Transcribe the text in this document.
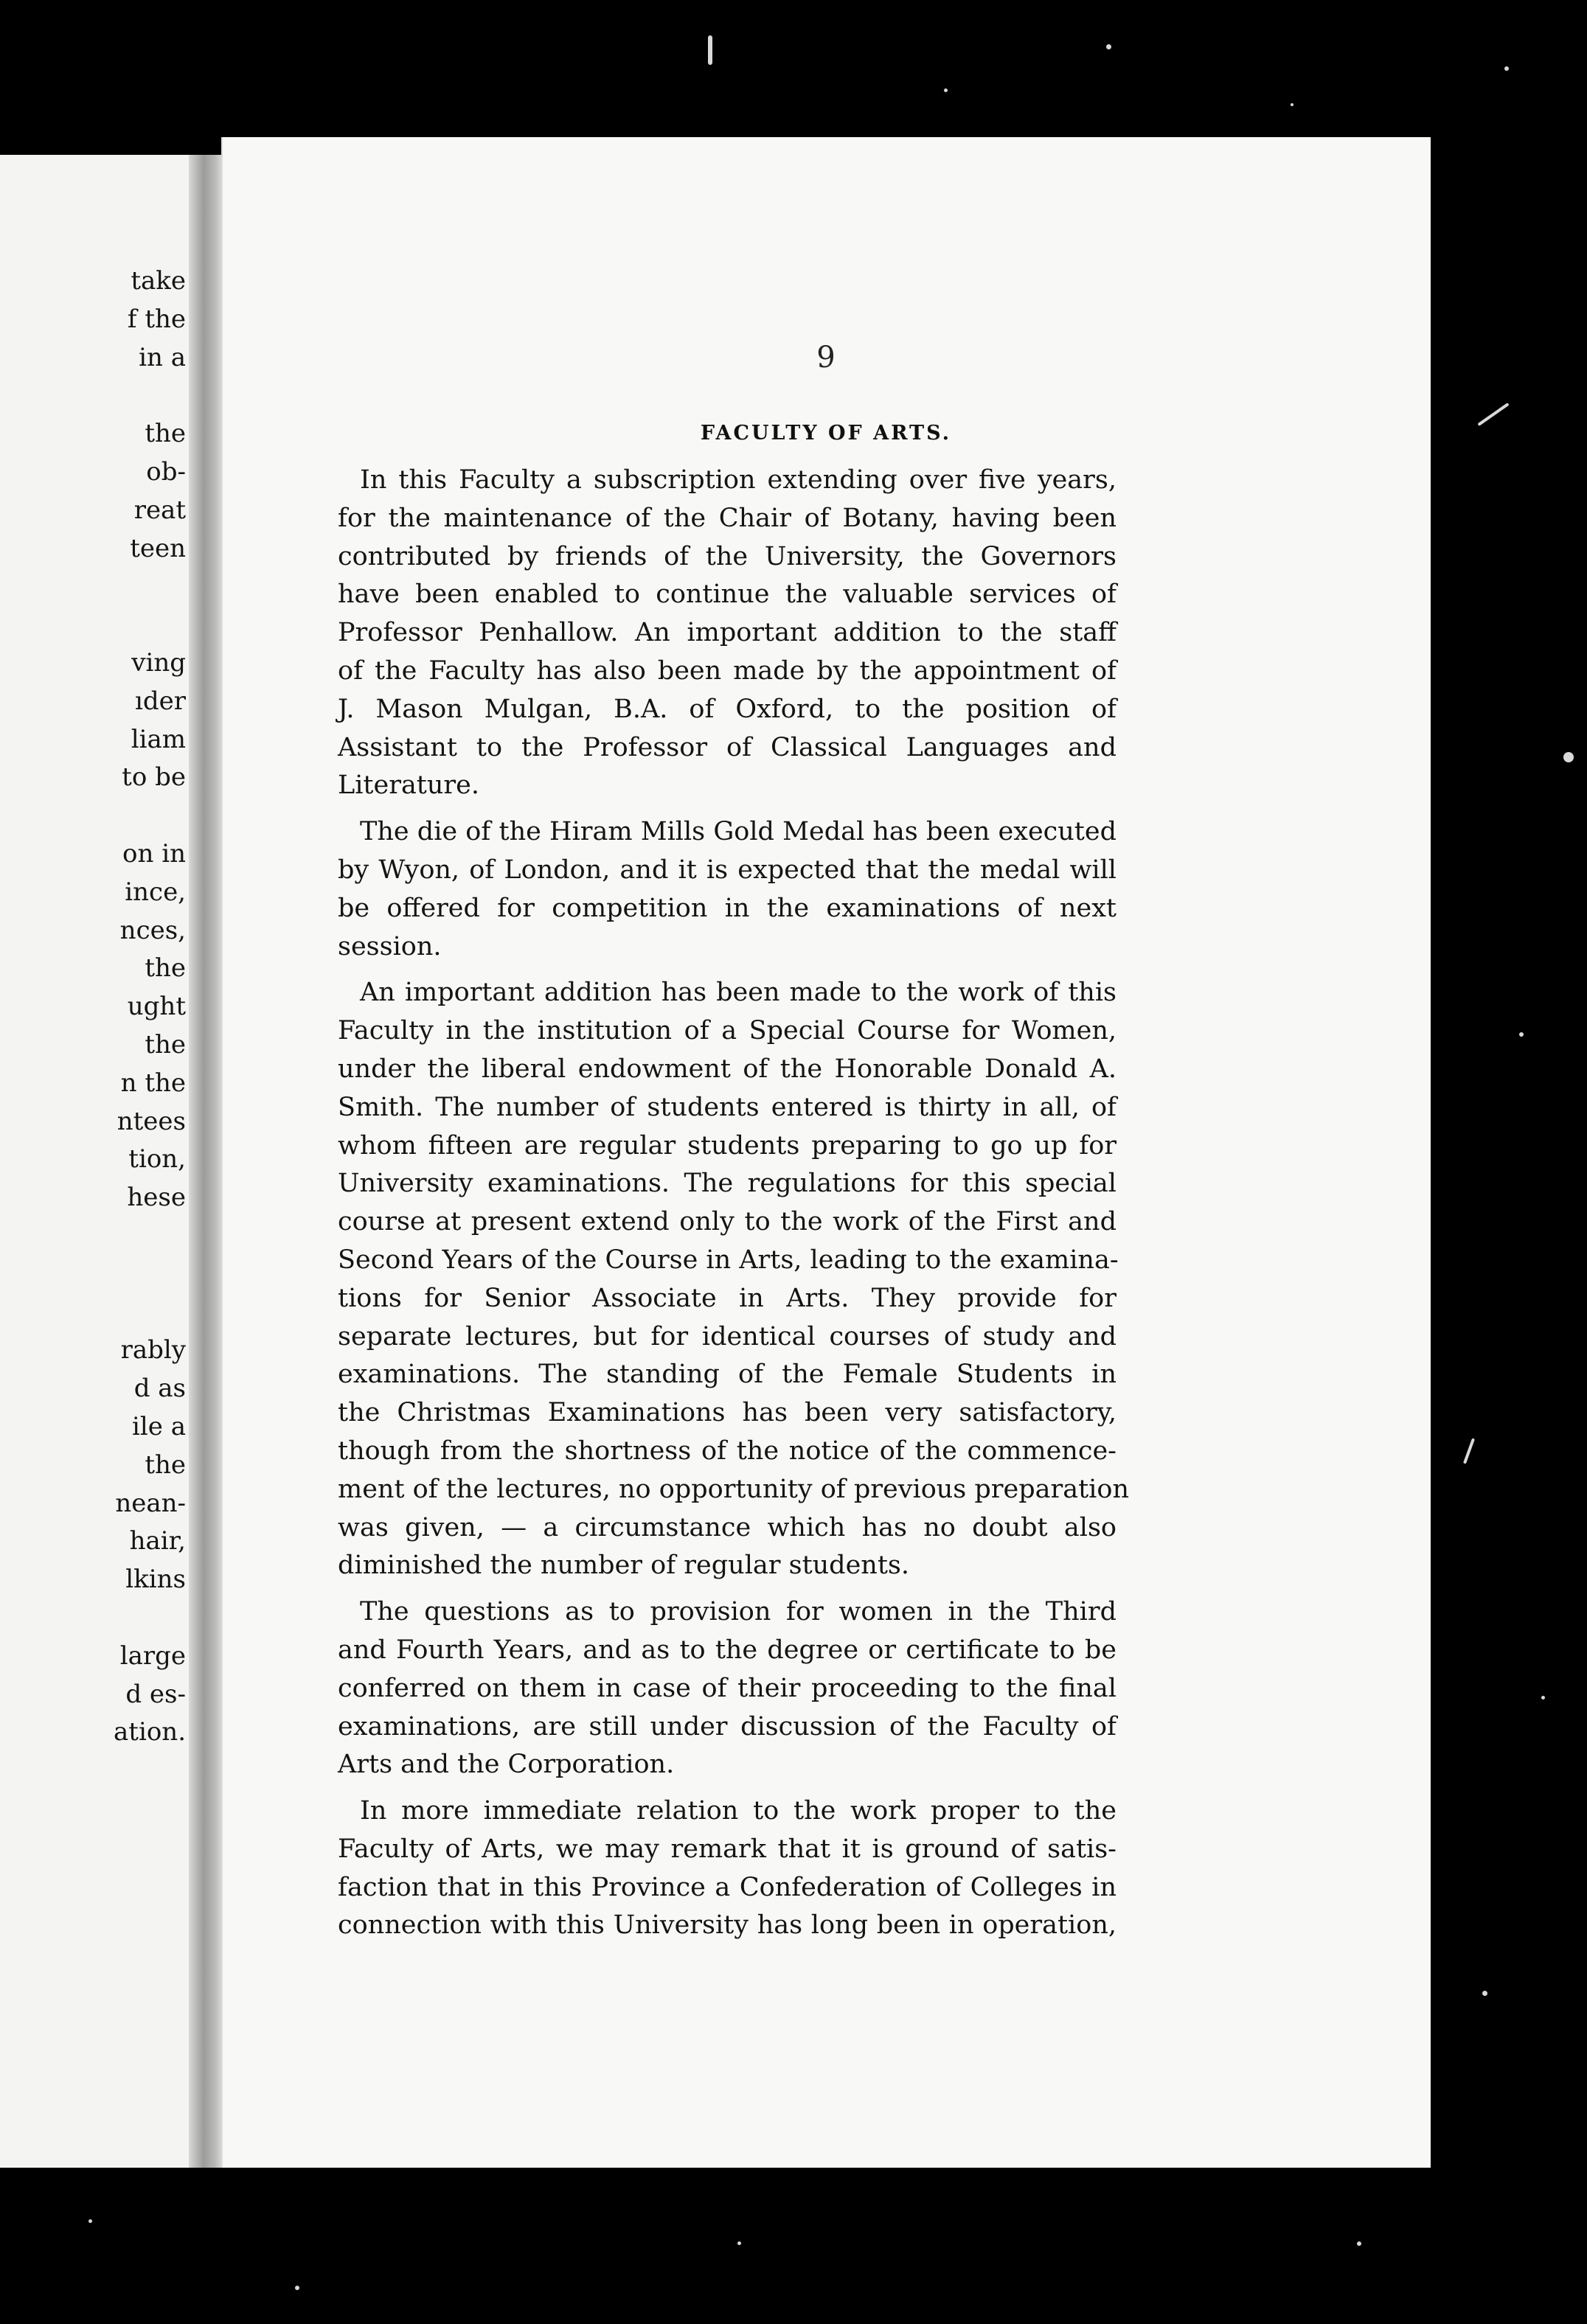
take
f the
in a
the
ob-
reat
teen
ving
ıder
liam
to be
on in
ince,
nces,
the
ught
the
n the
ntees
tion,
hese
rably
d as
ile a
the
nean-
hair,
lkins
large
d es-
ation.
9
FACULTY OF ARTS.
In this Faculty a subscription extending over five years,
for the maintenance of the Chair of Botany, having been
contributed by friends of the University, the Governors
have been enabled to continue the valuable services of
Professor Penhallow. An important addition to the staff
of the Faculty has also been made by the appointment of
J. Mason Mulgan, B.A. of Oxford, to the position of
Assistant to the Professor of Classical Languages and
Literature.
The die of the Hiram Mills Gold Medal has been executed
by Wyon, of London, and it is expected that the medal will
be offered for competition in the examinations of next
session.
An important addition has been made to the work of this
Faculty in the institution of a Special Course for Women,
under the liberal endowment of the Honorable Donald A.
Smith. The number of students entered is thirty in all, of
whom fifteen are regular students preparing to go up for
University examinations. The regulations for this special
course at present extend only to the work of the First and
Second Years of the Course in Arts, leading to the examina-
tions for Senior Associate in Arts. They provide for
separate lectures, but for identical courses of study and
examinations. The standing of the Female Students in
the Christmas Examinations has been very satisfactory,
though from the shortness of the notice of the commence-
ment of the lectures, no opportunity of previous preparation
was given, — a circumstance which has no doubt also
diminished the number of regular students.
The questions as to provision for women in the Third
and Fourth Years, and as to the degree or certificate to be
conferred on them in case of their proceeding to the final
examinations, are still under discussion of the Faculty of
Arts and the Corporation.
In more immediate relation to the work proper to the
Faculty of Arts, we may remark that it is ground of satis-
faction that in this Province a Confederation of Colleges in
connection with this University has long been in operation,
